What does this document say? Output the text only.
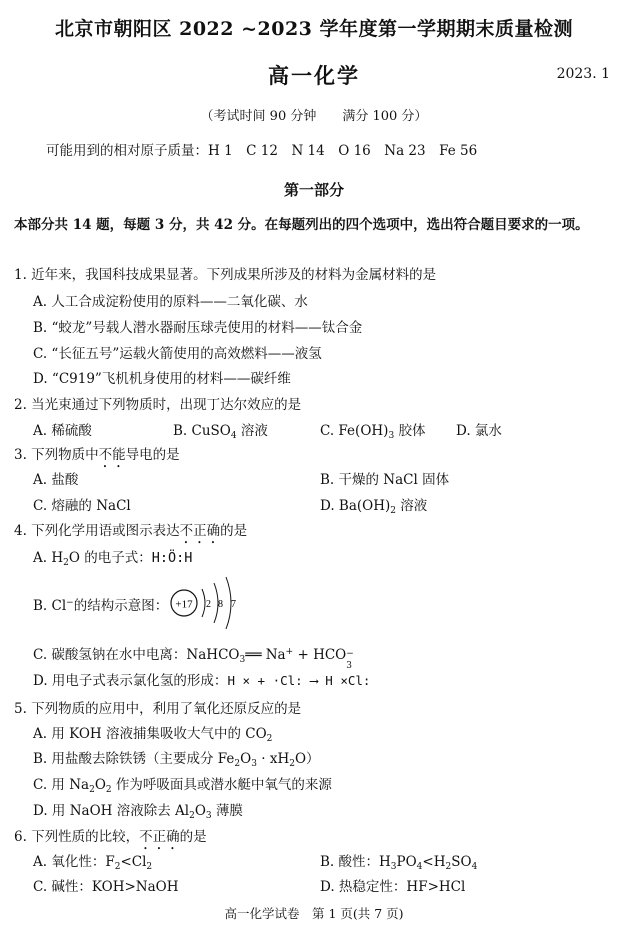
北京市朝阳区 2022 ~2023 学年度第一学期期末质量检测
高一化学	2023. 1
（考试时间 90 分钟　　满分 100 分）
可能用到的相对原子质量：H 1　C 12　N 14　O 16　Na 23　Fe 56
第一部分
本部分共 14 题，每题 3 分，共 42 分。在每题列出的四个选项中，选出符合题目要求的一项。
1. 近年来，我国科技成果显著。下列成果所涉及的材料为金属材料的是
A. 人工合成淀粉使用的原料——二氧化碳、水
B. “蛟龙”号载人潜水器耐压球壳使用的材料——钛合金
C. “长征五号”运载火箭使用的高效燃料——液氢
D. “C919”飞机机身使用的材料——碳纤维
2. 当光束通过下列物质时，出现丁达尔效应的是
A. 稀硫酸	B. CuSO$_4$ 溶液	C. $Fe(OH)_3$ 胶体 D. 氯水
3. 下列物质中不能导电的是
A. 盐酸	B. 干燥的 NaCl 固体
C. 熔融的 NaCl	D. $Ba(OH)_2$ 溶液
4. 下列化学用语或图示表达不正确的是
A. $H_2O$ 的电子式：H:Ö:H
B. Cl−的结构示意图： +17 2 8 7
C. 碳酸氢钠在水中电离：NaHCO$_3$══ Na+ + HCO −
3
D. 用电子式表示氯化氢的形成：H × + ·Cl: ⟶ H ×Cl:
5. 下列物质的应用中，利用了氧化还原反应的是
A. 用 KOH 溶液捕集吸收大气中的 $CO_2$
B. 用盐酸去除铁锈（主要成分 $Fe_2O_3 \cdot xH_2O$）
C. 用 $Na_2O_2$ 作为呼吸面具或潜水艇中氧气的来源
D. 用 NaOH 溶液除去 $Al_2O_3$ 薄膜
6. 下列性质的比较，不正确的是
A. 氧化性：$F_2<Cl_2$	B. 酸性：$H_3PO_4<H_2SO_4$
C. 碱性：KOH>NaOH	D. 热稳定性：HF>HCl
高一化学试卷　第 1 页(共 7 页)
